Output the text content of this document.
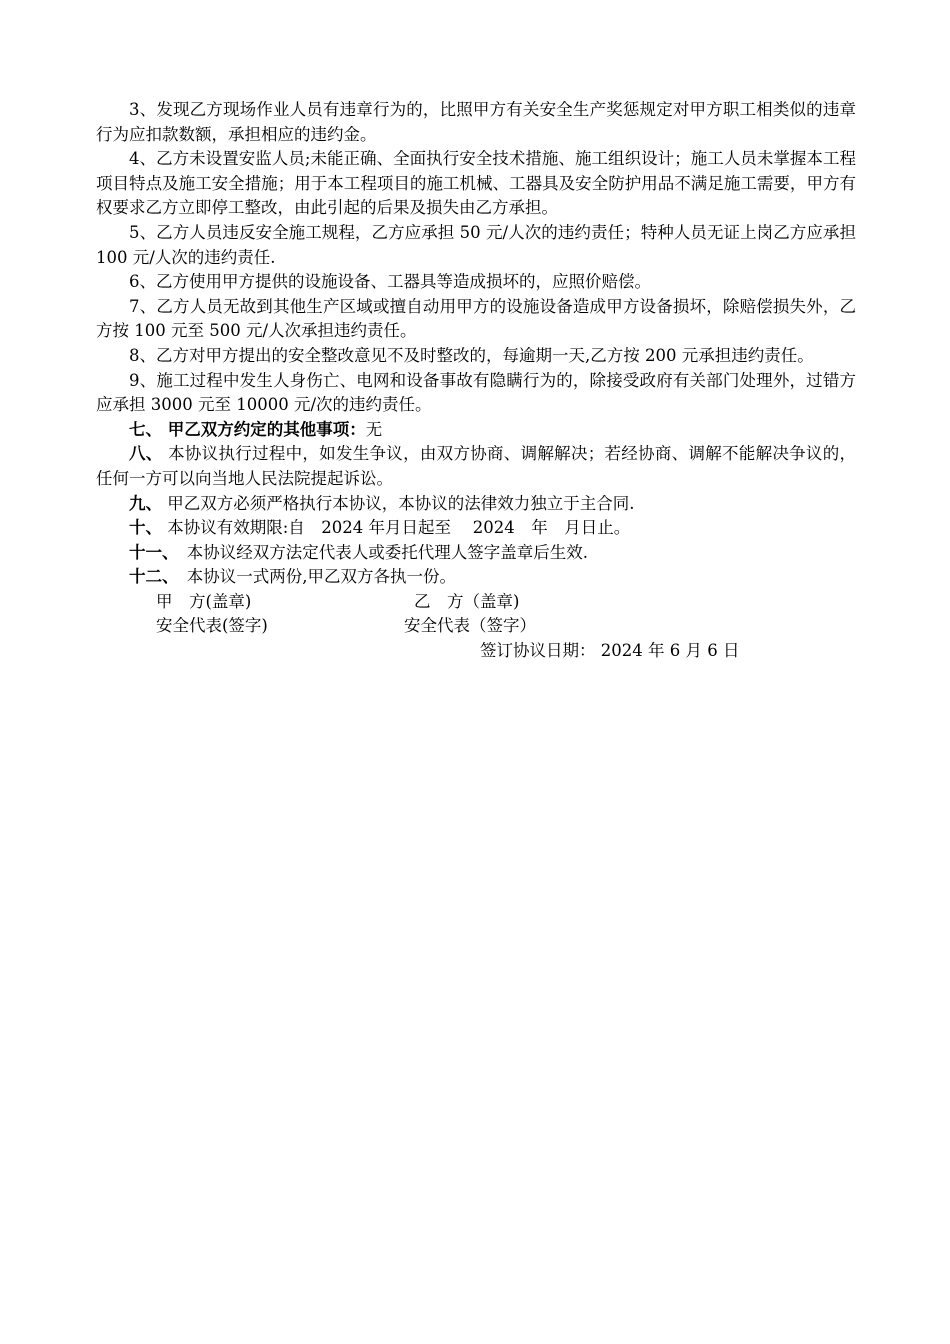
3、发现乙方现场作业人员有违章行为的，比照甲方有关安全生产奖惩规定对甲方职工相类似的违章行为应扣款数额，承担相应的违约金。

4、乙方未设置安监人员;未能正确、全面执行安全技术措施、施工组织设计；施工人员未掌握本工程项目特点及施工安全措施；用于本工程项目的施工机械、工器具及安全防护用品不满足施工需要，甲方有权要求乙方立即停工整改，由此引起的后果及损失由乙方承担。

5、乙方人员违反安全施工规程，乙方应承担 50 元/人次的违约责任；特种人员无证上岗乙方应承担 100 元/人次的违约责任.

6、乙方使用甲方提供的设施设备、工器具等造成损坏的，应照价赔偿。

7、乙方人员无故到其他生产区域或擅自动用甲方的设施设备造成甲方设备损坏，除赔偿损失外，乙方按 100 元至 500 元/人次承担违约责任。

8、乙方对甲方提出的安全整改意见不及时整改的，每逾期一天,乙方按 200 元承担违约责任。

9、施工过程中发生人身伤亡、电网和设备事故有隐瞒行为的，除接受政府有关部门处理外，过错方应承担 3000 元至 10000 元/次的违约责任。

七、 甲乙双方约定的其他事项：无

八、 本协议执行过程中，如发生争议，由双方协商、调解解决；若经协商、调解不能解决争议的，任何一方可以向当地人民法院提起诉讼。

九、 甲乙双方必须严格执行本协议，本协议的法律效力独立于主合同.

十、 本协议有效期限:自　2024 年月日起至　 2024　年　月日止。

十一、　本协议经双方法定代表人或委托代理人签字盖章后生效.

十二、　本协议一式两份,甲乙双方各执一份。

甲　方(盖章)	乙　方（盖章)
安全代表(签字)	安全代表（签字）
签订协议日期： 2024 年 6 月 6 日
